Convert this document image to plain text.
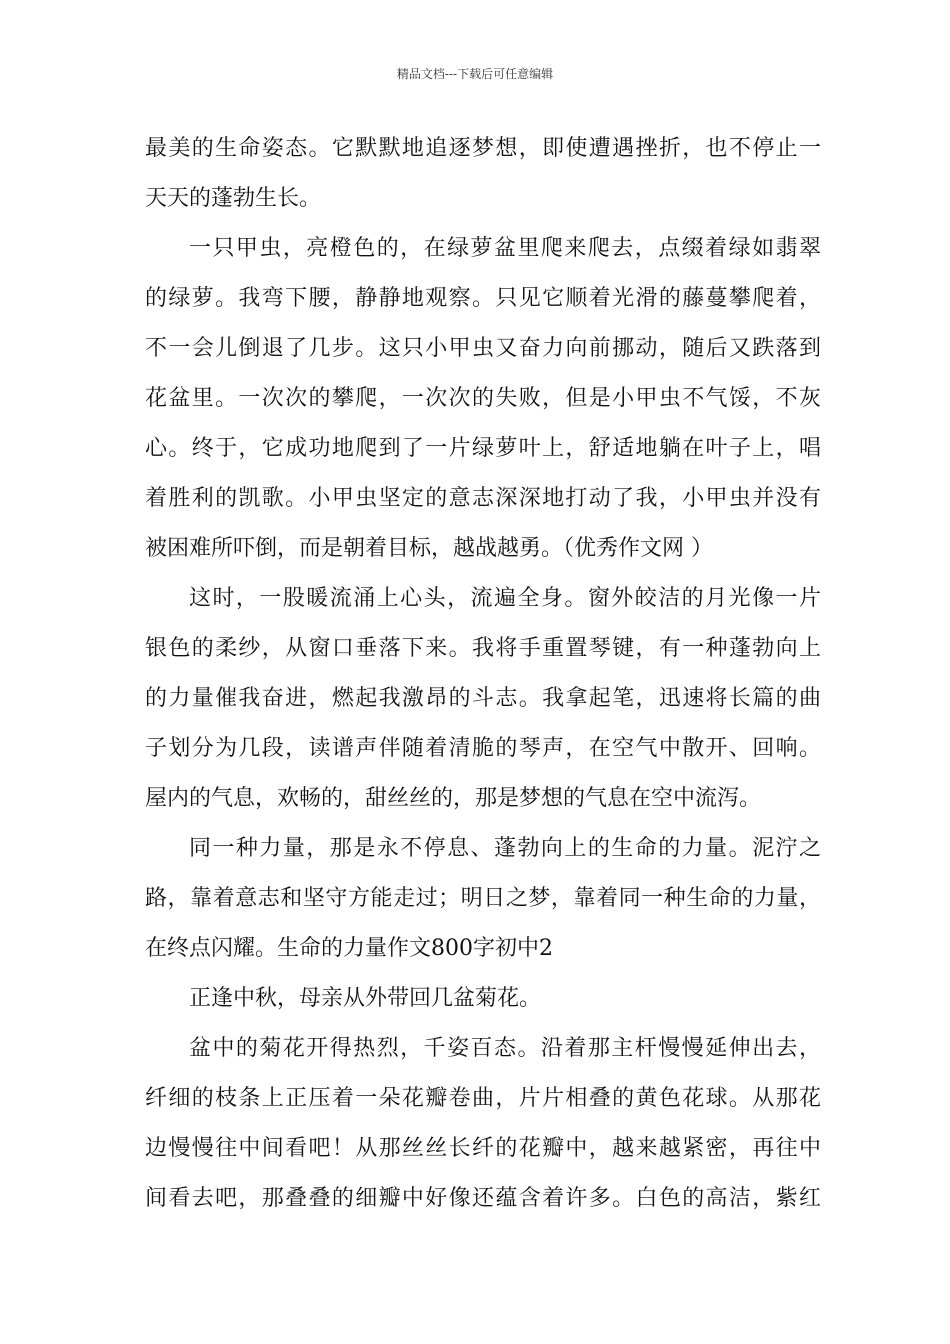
精品文档---下载后可任意编辑
最美的生命姿态。它默默地追逐梦想，即使遭遇挫折，也不停止一
天天的蓬勃生长。
一只甲虫，亮橙色的，在绿萝盆里爬来爬去，点缀着绿如翡翠
的绿萝。我弯下腰，静静地观察。只见它顺着光滑的藤蔓攀爬着，
不一会儿倒退了几步。这只小甲虫又奋力向前挪动，随后又跌落到
花盆里。一次次的攀爬，一次次的失败，但是小甲虫不气馁，不灰
心。终于，它成功地爬到了一片绿萝叶上，舒适地躺在叶子上，唱
着胜利的凯歌。小甲虫坚定的意志深深地打动了我，小甲虫并没有
被困难所吓倒，而是朝着目标，越战越勇。（优秀作文网 ）
这时，一股暖流涌上心头，流遍全身。窗外皎洁的月光像一片
银色的柔纱，从窗口垂落下来。我将手重置琴键，有一种蓬勃向上
的力量催我奋进，燃起我激昂的斗志。我拿起笔，迅速将长篇的曲
子划分为几段，读谱声伴随着清脆的琴声，在空气中散开、回响。
屋内的气息，欢畅的，甜丝丝的，那是梦想的气息在空中流泻。
同一种力量，那是永不停息、蓬勃向上的生命的力量。泥泞之
路，靠着意志和坚守方能走过；明日之梦，靠着同一种生命的力量，
在终点闪耀。生命的力量作文800字初中2
正逢中秋，母亲从外带回几盆菊花。
盆中的菊花开得热烈，千姿百态。沿着那主杆慢慢延伸出去，
纤细的枝条上正压着一朵花瓣卷曲，片片相叠的黄色花球。从那花
边慢慢往中间看吧！从那丝丝长纤的花瓣中，越来越紧密，再往中
间看去吧，那叠叠的细瓣中好像还蕴含着许多。白色的高洁，紫红
